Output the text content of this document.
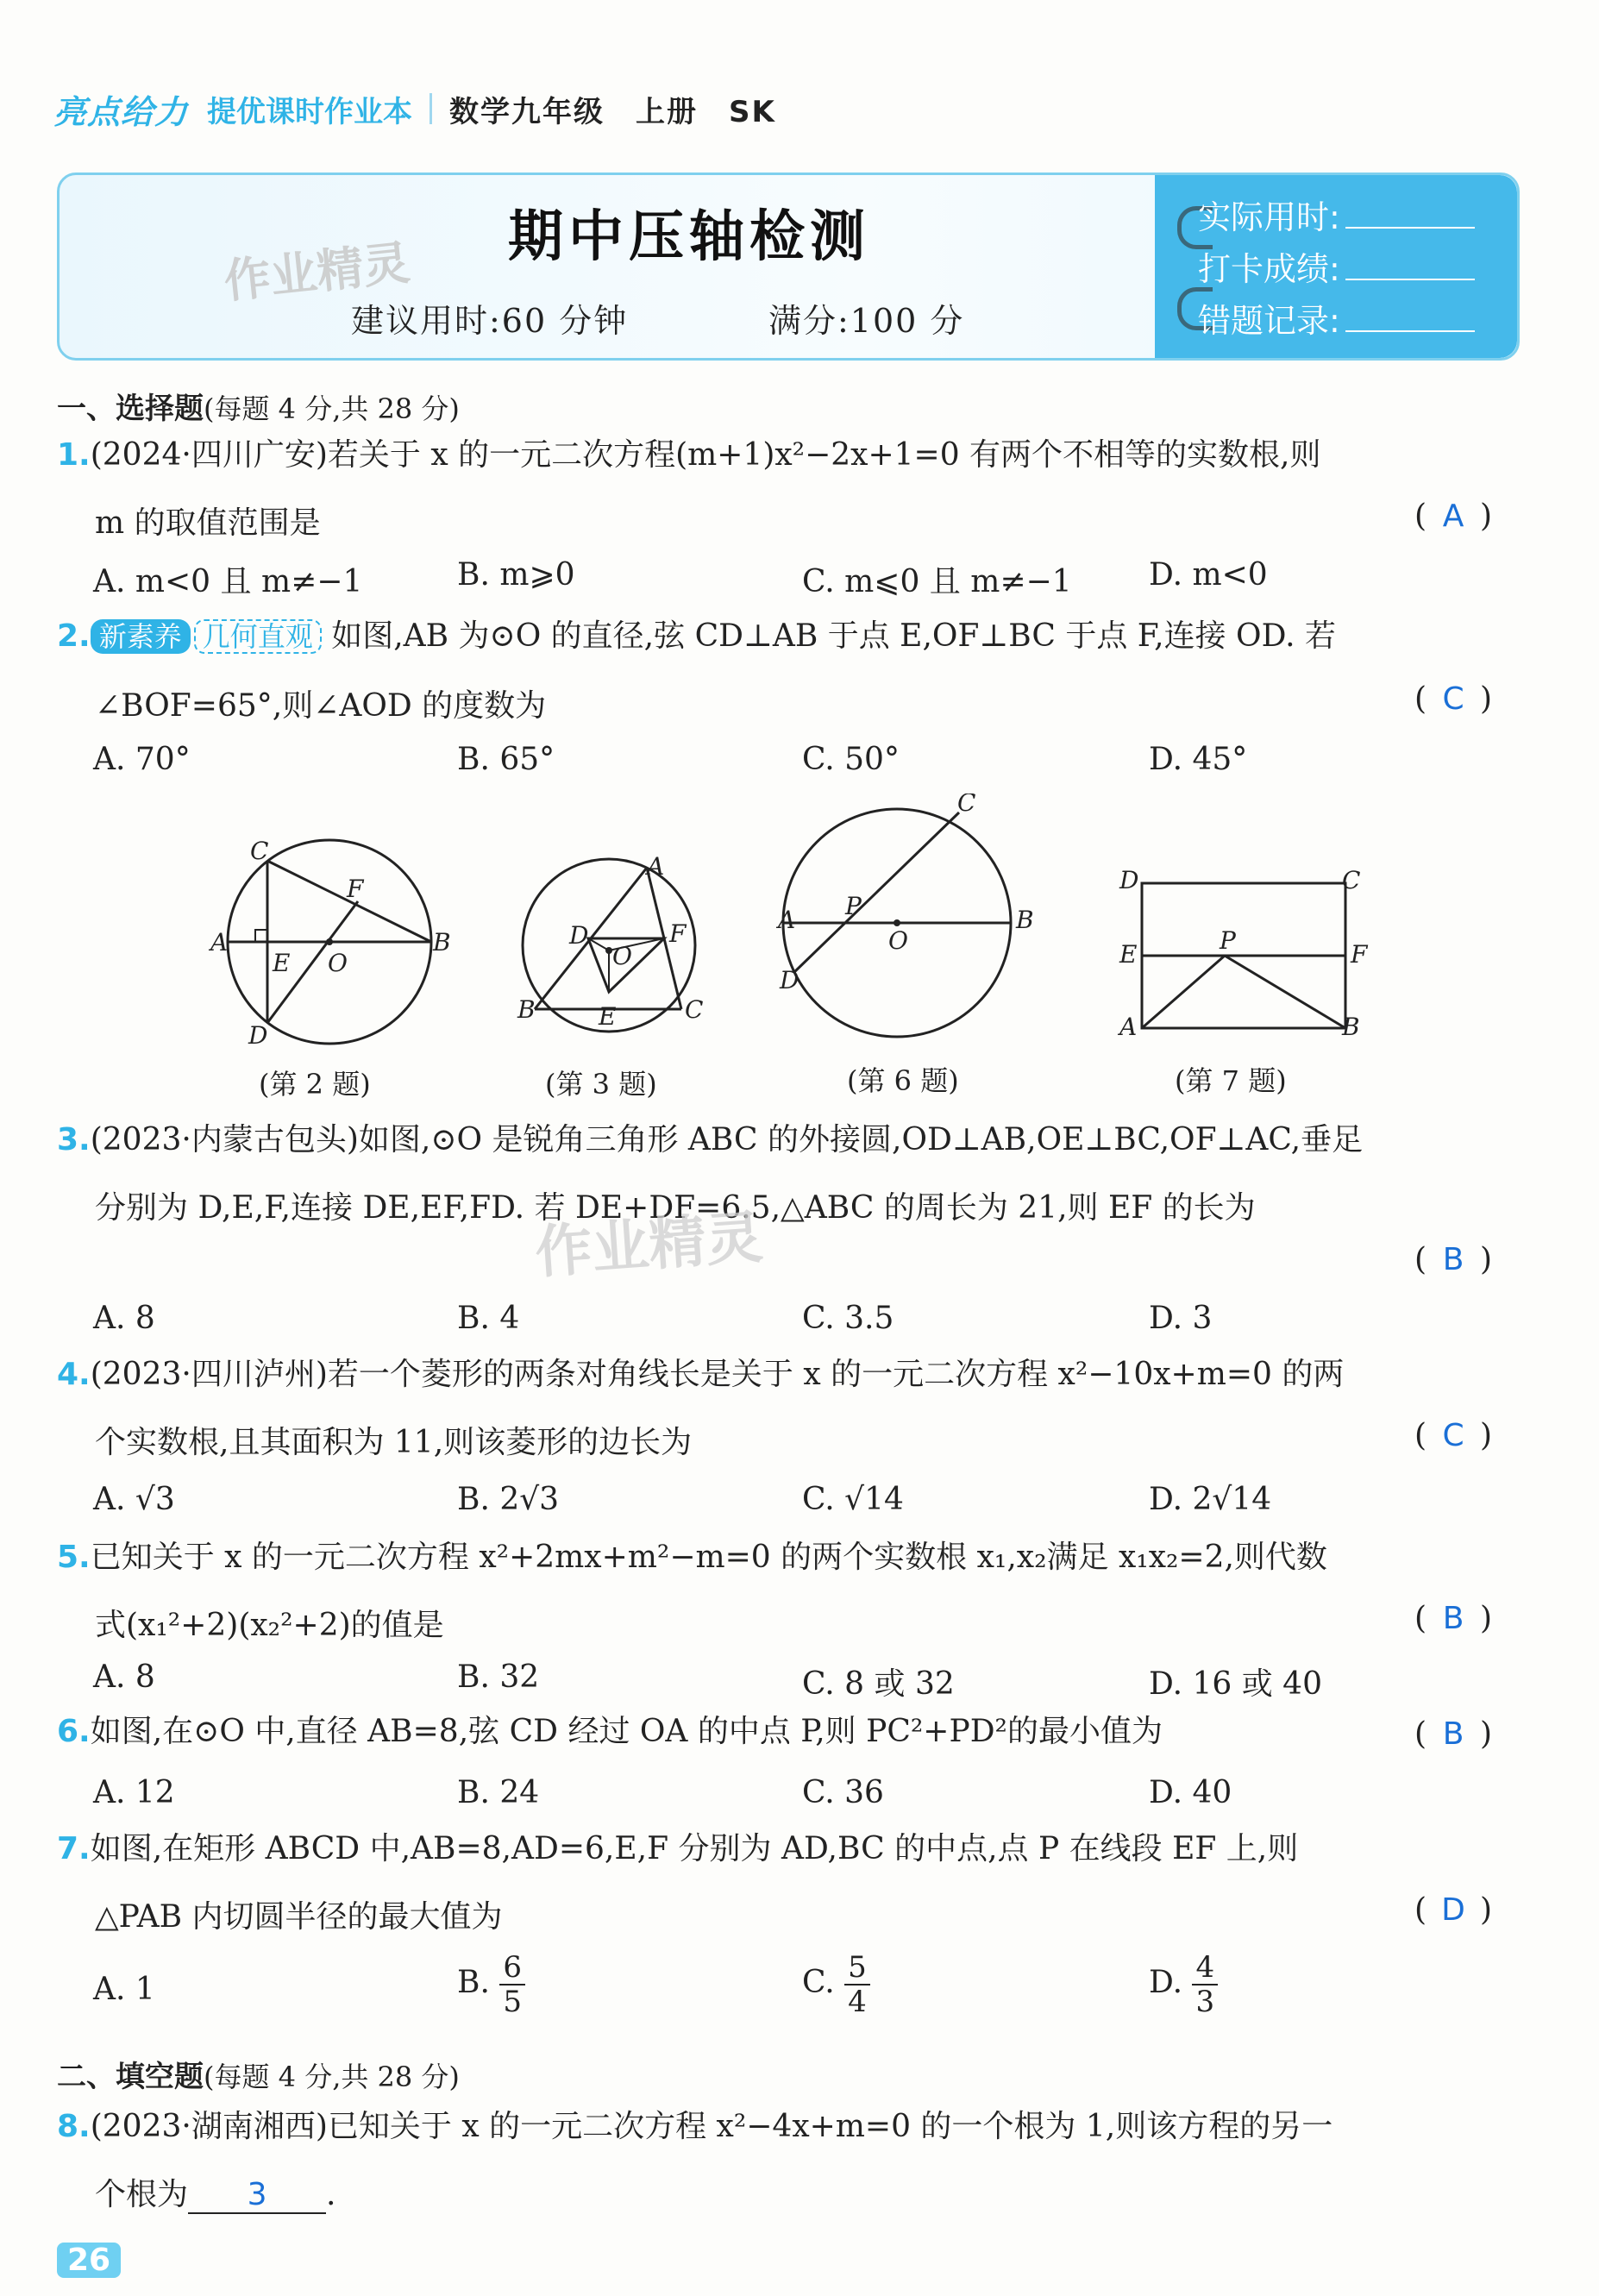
亮点给力 提优课时作业本 数学九年级　上册　SK
作业精灵 期中压轴检测
建议用时:60 分钟	满分:100 分
实际用时:
打卡成绩:
错题记录:
一、选择题(每题 4 分,共 28 分)
1.(2024·四川广安)若关于 x 的一元二次方程(m+1)x²−2x+1=0 有两个不相等的实数根,则
m 的取值范围是	( A )
A. m<0 且 m≠−1	B. m⩾0	C. m⩽0 且 m≠−1 D. m<0
2. 新素养 几何直观 如图,AB 为⊙O 的直径,弦 CD⊥AB 于点 E,OF⊥BC 于点 F,连接 OD. 若
∠BOF=65°,则∠AOD 的度数为	( C )
A. 70°	B. 65°	C. 50°	D. 45°
C
F
A
E O
B
D
A
D	F
O
B	E	C
C
P
A
O
B
D
D	C
E	P	F
A	B
(第 2 题)	(第 3 题)	(第 6 题)	(第 7 题)
3.(2023·内蒙古包头)如图,⊙O 是锐角三角形 ABC 的外接圆,OD⊥AB,OE⊥BC,OF⊥AC,垂足
分别为 D,E,F,连接 DE,EF,FD. 若 DE+DF=6.5,△ABC 的周长为 21,则 EF 的长为
作业精灵	( B )
A. 8	B. 4	C. 3.5	D. 3
4.(2023·四川泸州)若一个菱形的两条对角线长是关于 x 的一元二次方程 x²−10x+m=0 的两
个实数根,且其面积为 11,则该菱形的边长为	( C )
A. √3	B. 2√3	C. √14	D. 2√14
5.已知关于 x 的一元二次方程 x²+2mx+m²−m=0 的两个实数根 x₁,x₂满足 x₁x₂=2,则代数
式(x₁²+2)(x₂²+2)的值是	( B )
A. 8	B. 32	C. 8 或 32	D. 16 或 40
6.如图,在⊙O 中,直径 AB=8,弦 CD 经过 OA 的中点 P,则 PC²+PD²的最小值为	( B )
A. 12	B. 24	C. 36	D. 40
7.如图,在矩形 ABCD 中,AB=8,AD=6,E,F 分别为 AD,BC 的中点,点 P 在线段 EF 上,则
△PAB 内切圆半径的最大值为	( D )
A. 1	B. $\frac{6}{5}$	C. $\frac{5}{4}$	D. $\frac{4}{3}$
二、填空题(每题 4 分,共 28 分)
8.(2023·湖南湘西)已知关于 x 的一元二次方程 x²−4x+m=0 的一个根为 1,则该方程的另一
个根为 3 .
26
